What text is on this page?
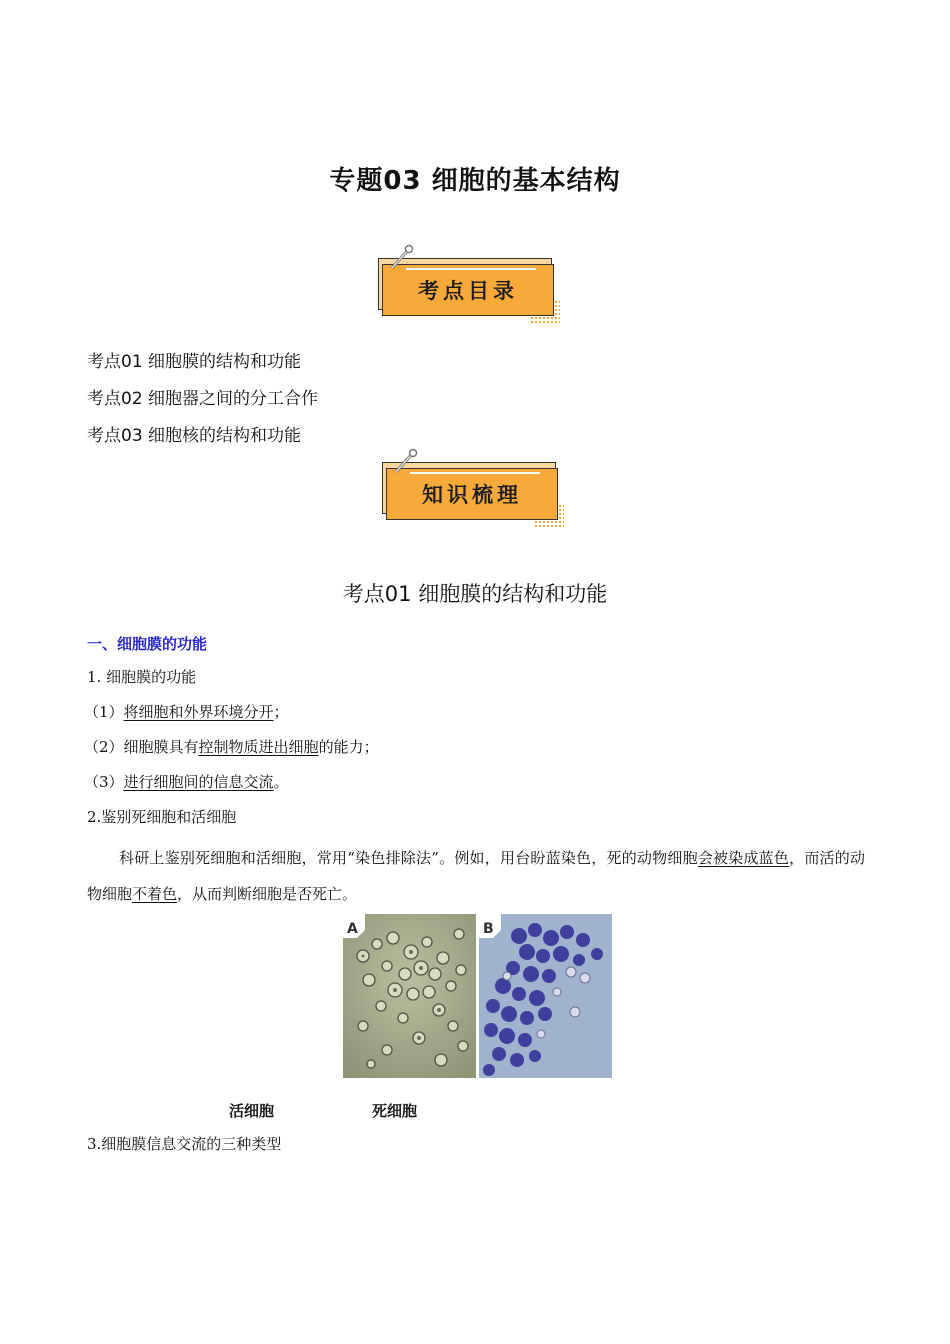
专题03 细胞的基本结构
考点目录
考点01 细胞膜的结构和功能
考点02 细胞器之间的分工合作
考点03 细胞核的结构和功能
知识梳理
考点01 细胞膜的结构和功能
一、细胞膜的功能
1. 细胞膜的功能
（1）将细胞和外界环境分开；
（2）细胞膜具有控制物质进出细胞的能力；
（3）进行细胞间的信息交流。
2.鉴别死细胞和活细胞
科研上鉴别死细胞和活细胞，常用“染色排除法”。例如，用台盼蓝染色，死的动物细胞会被染成蓝色，而活的动物细胞不着色，从而判断细胞是否死亡。
A	B
活细胞	死细胞
3.细胞膜信息交流的三种类型
